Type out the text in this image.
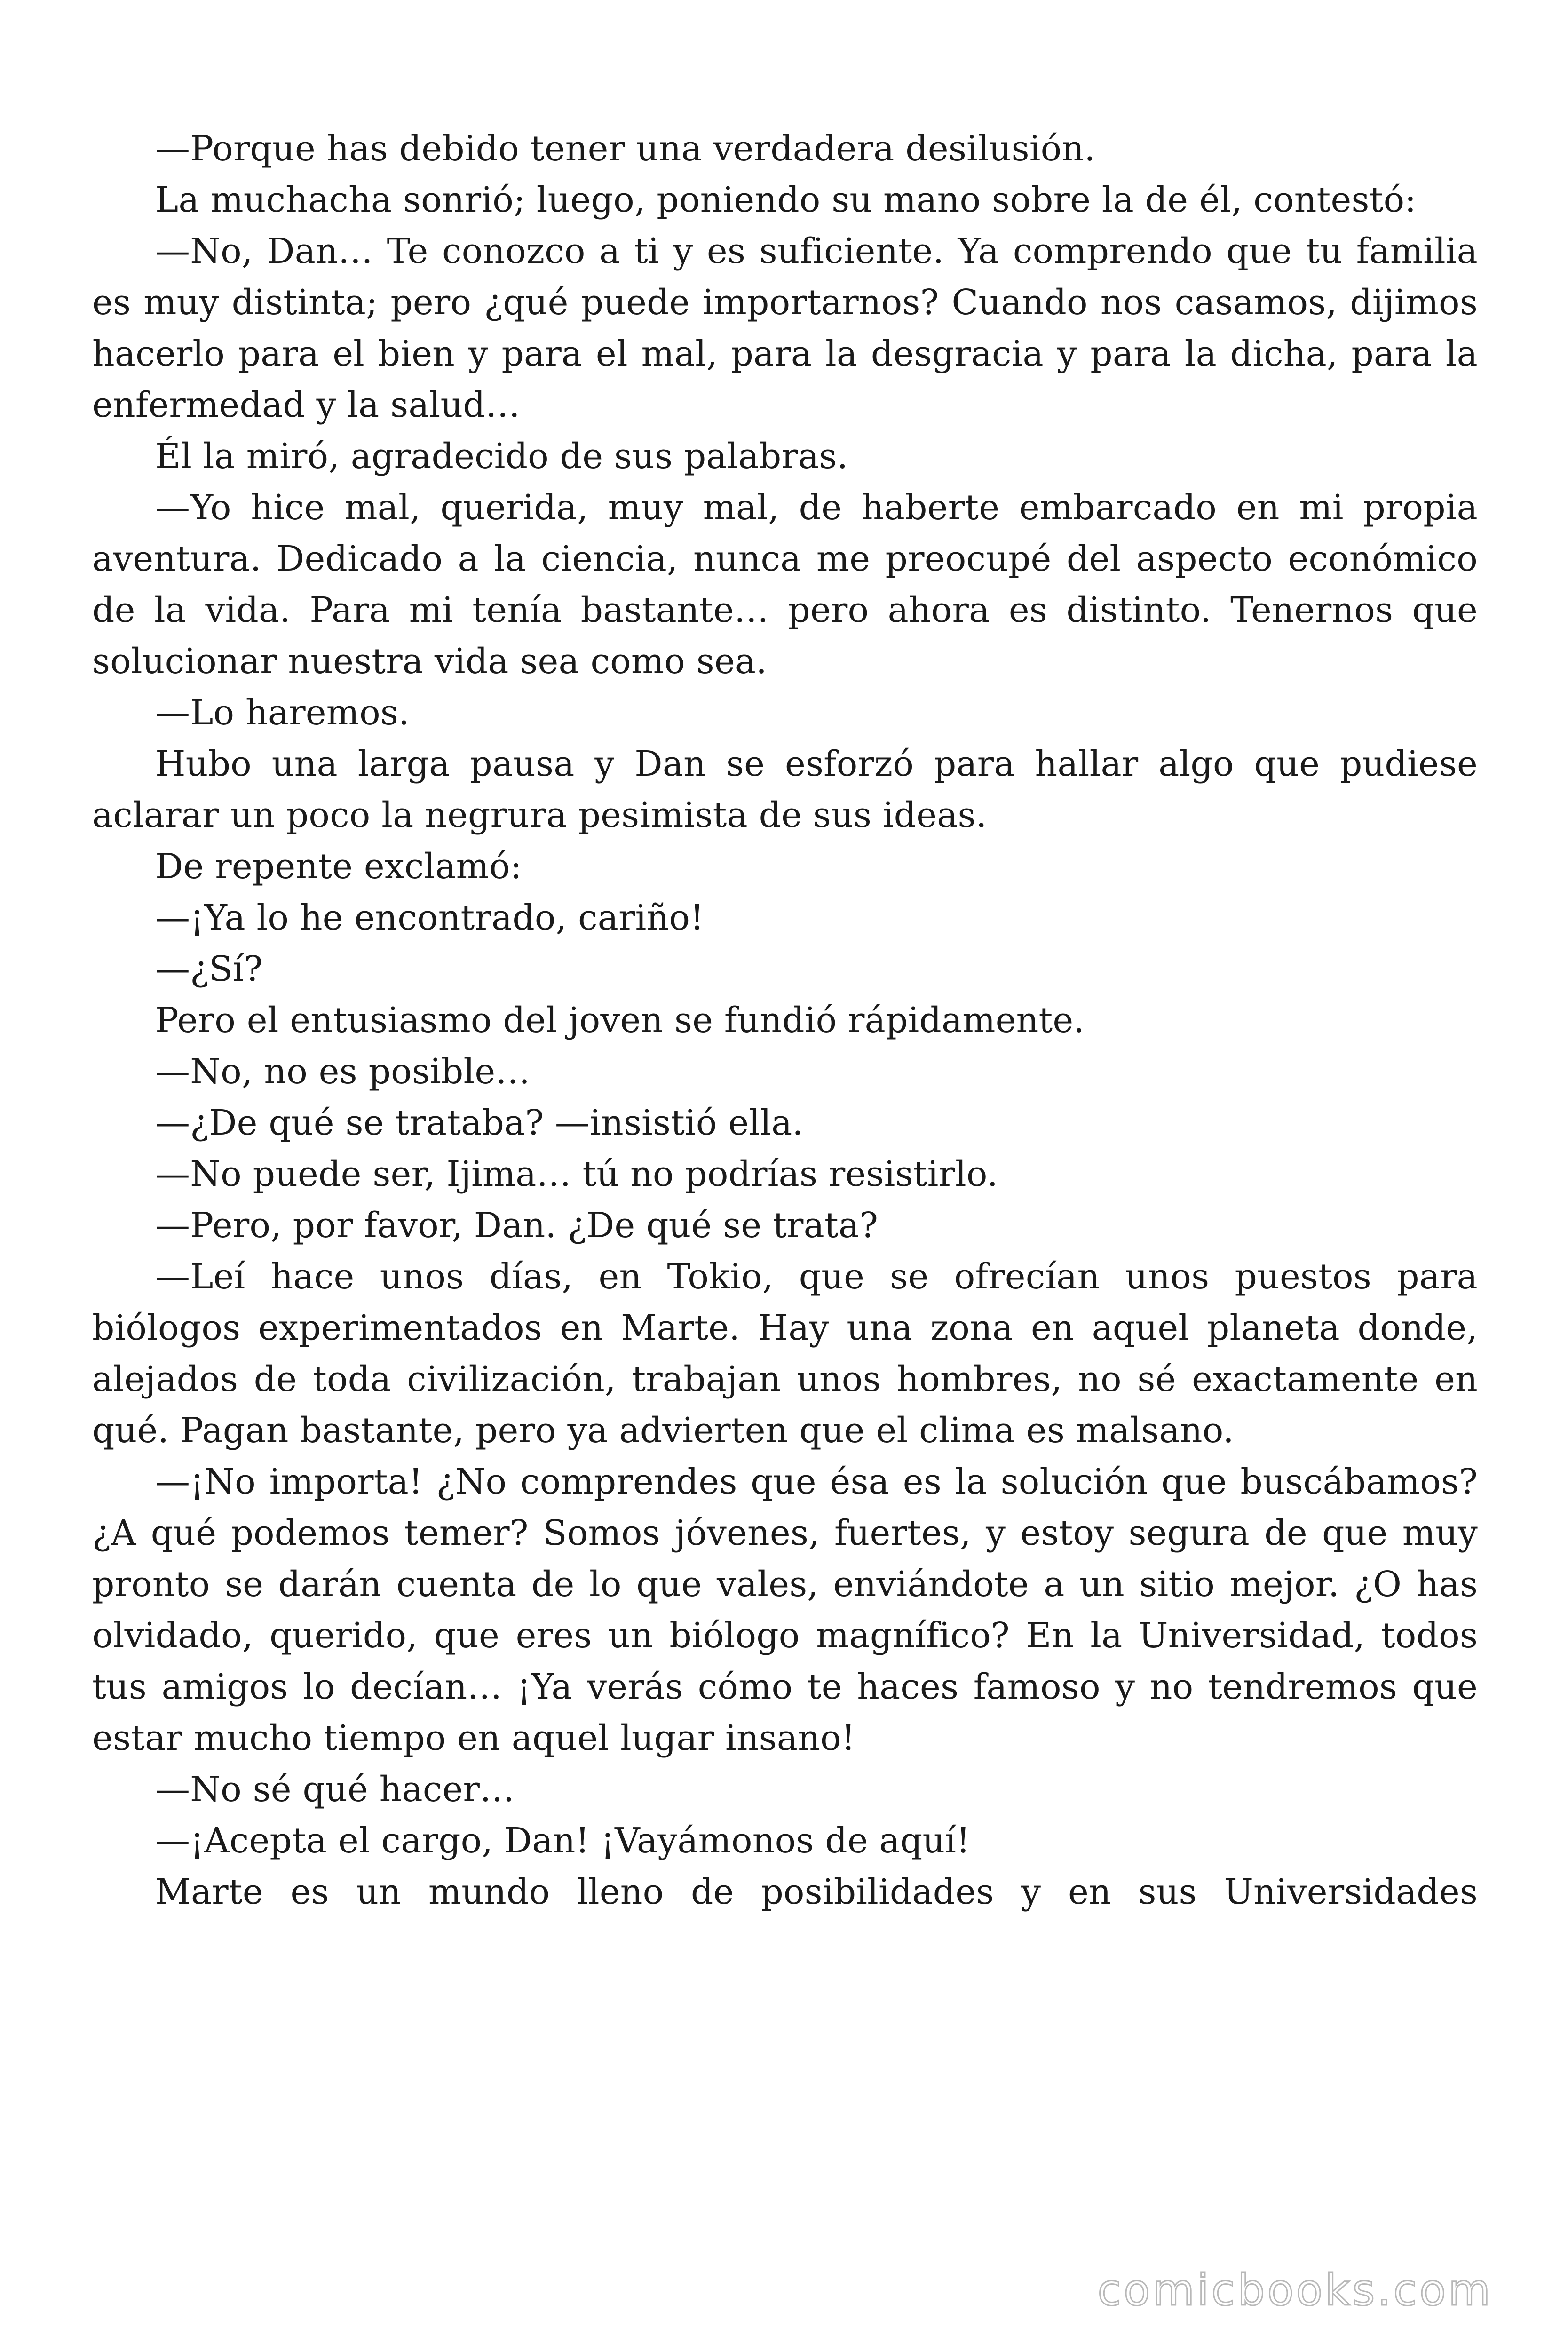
—Porque has debido tener una verdadera desilusión.

La muchacha sonrió; luego, poniendo su mano sobre la de él, contestó:

—No, Dan… Te conozco a ti y es suficiente. Ya comprendo que tu familia es muy distinta; pero ¿qué puede importarnos? Cuando nos casamos, dijimos hacerlo para el bien y para el mal, para la desgracia y para la dicha, para la enfermedad y la salud…

Él la miró, agradecido de sus palabras.

—Yo hice mal, querida, muy mal, de haberte embarcado en mi propia aventura. Dedicado a la ciencia, nunca me preocupé del aspecto económico de la vida. Para mi tenía bastante… pero ahora es distinto. Tenernos que solucionar nuestra vida sea como sea.

—Lo haremos.

Hubo una larga pausa y Dan se esforzó para hallar algo que pudiese aclarar un poco la negrura pesimista de sus ideas.

De repente exclamó:

—¡Ya lo he encontrado, cariño!

—¿Sí?

Pero el entusiasmo del joven se fundió rápidamente.

—No, no es posible…

—¿De qué se trataba? —insistió ella.

—No puede ser, Ijima… tú no podrías resistirlo.

—Pero, por favor, Dan. ¿De qué se trata?

—Leí hace unos días, en Tokio, que se ofrecían unos puestos para biólogos experimentados en Marte. Hay una zona en aquel planeta donde, alejados de toda civilización, trabajan unos hombres, no sé exactamente en qué. Pagan bastante, pero ya advierten que el clima es malsano.

—¡No importa! ¿No comprendes que ésa es la solución que buscábamos? ¿A qué podemos temer? Somos jóvenes, fuertes, y estoy segura de que muy pronto se darán cuenta de lo que vales, enviándote a un sitio mejor. ¿O has olvidado, querido, que eres un biólogo magnífico? En la Universidad, todos tus amigos lo decían… ¡Ya verás cómo te haces famoso y no tendremos que estar mucho tiempo en aquel lugar insano!

—No sé qué hacer…

—¡Acepta el cargo, Dan! ¡Vayámonos de aquí!

Marte es un mundo lleno de posibilidades y en sus Universidades

comicbooks.com
